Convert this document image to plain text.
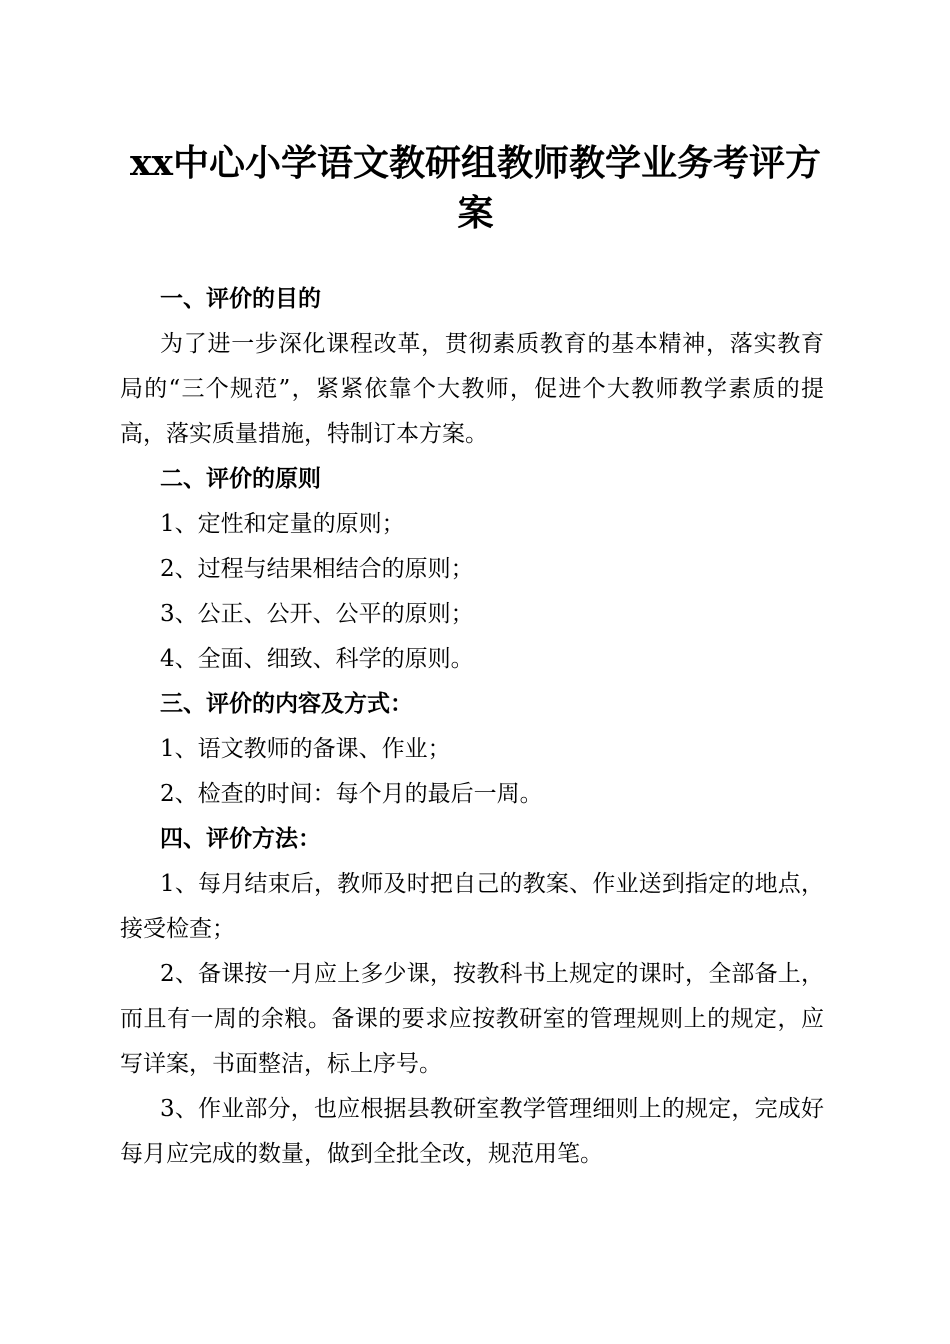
xx中心小学语文教研组教师教学业务考评方案

一、评价的目的

为了进一步深化课程改革，贯彻素质教育的基本精神，落实教育局的“三个规范”，紧紧依靠个大教师，促进个大教师教学素质的提高，落实质量措施，特制订本方案。

二、评价的原则

1、定性和定量的原则；

2、过程与结果相结合的原则；

3、公正、公开、公平的原则；

4、全面、细致、科学的原则。

三、评价的内容及方式：

1、语文教师的备课、作业；

2、检查的时间：每个月的最后一周。

四、评价方法：

1、每月结束后，教师及时把自己的教案、作业送到指定的地点，接受检查；

2、备课按一月应上多少课，按教科书上规定的课时，全部备上，而且有一周的余粮。备课的要求应按教研室的管理规则上的规定，应写详案，书面整洁，标上序号。

3、作业部分，也应根据县教研室教学管理细则上的规定，完成好每月应完成的数量，做到全批全改，规范用笔。
